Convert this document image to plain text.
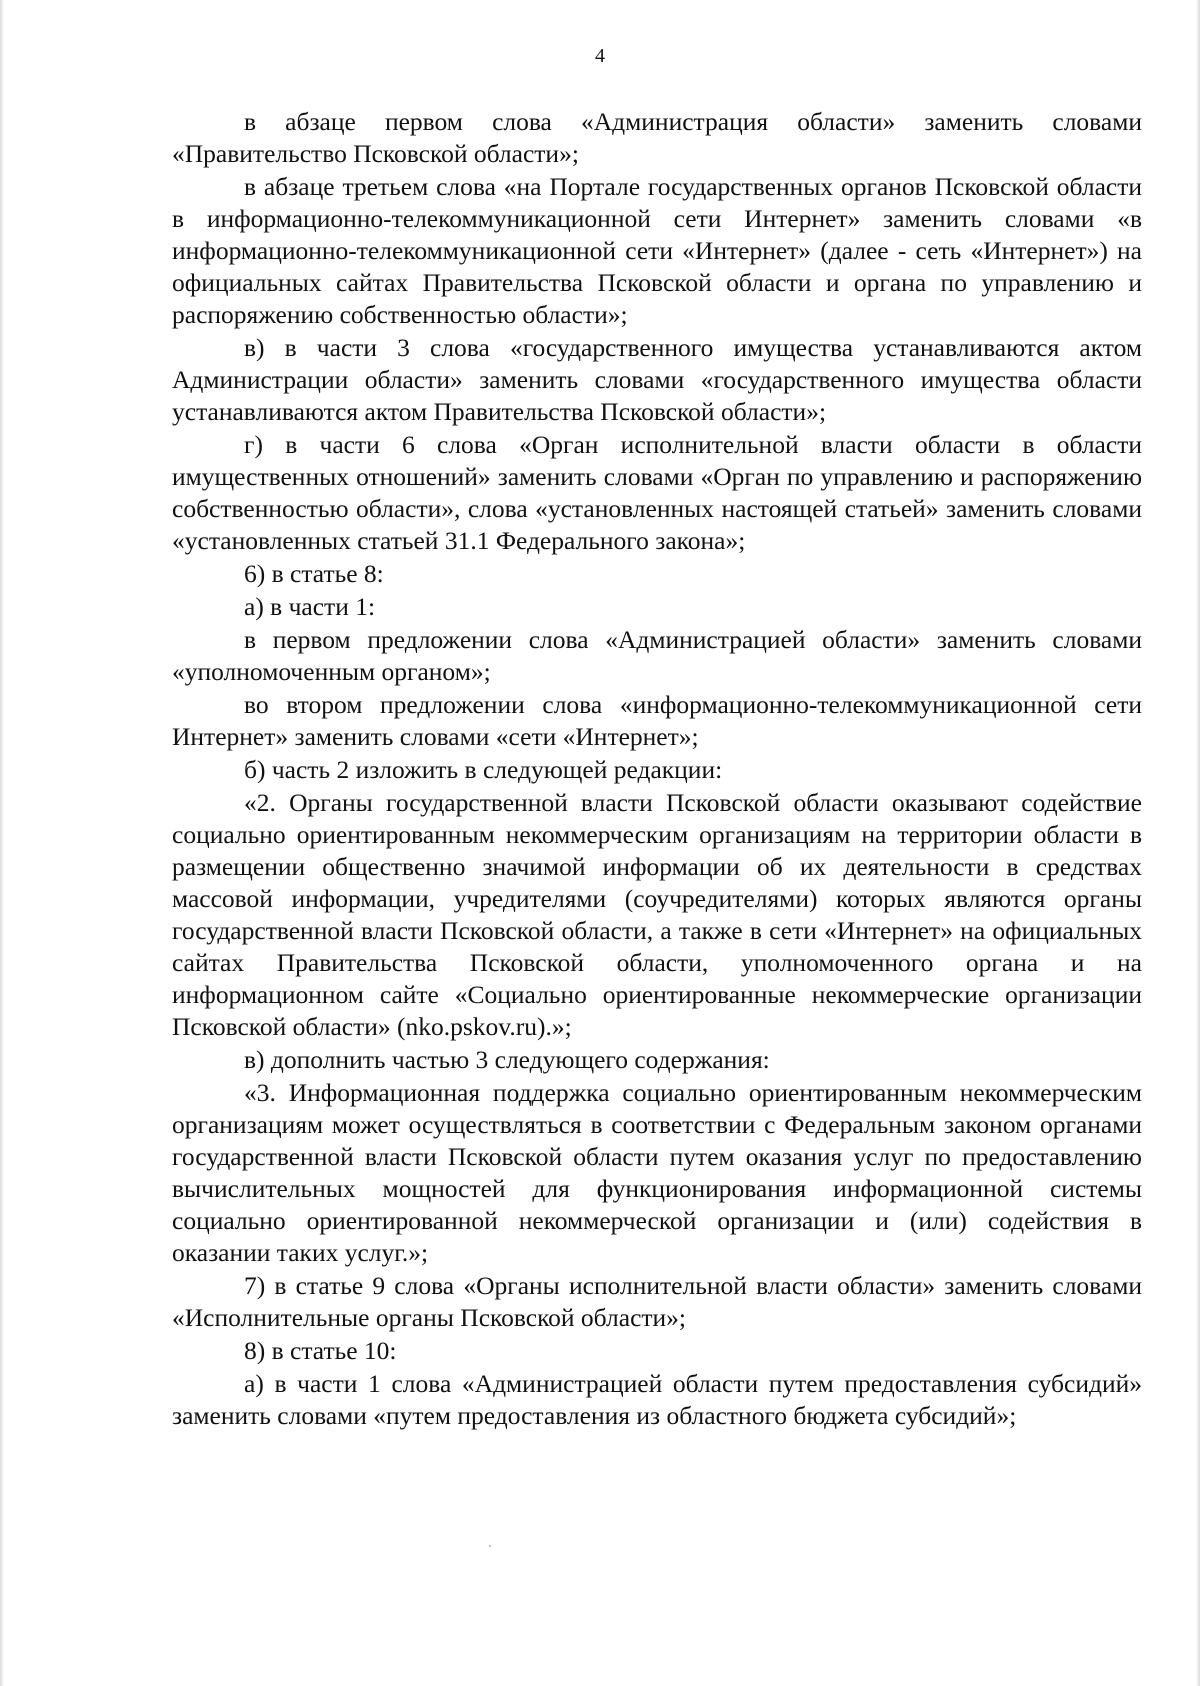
4

в абзаце первом слова «Администрация области» заменить словами «Правительство Псковской области»;

в абзаце третьем слова «на Портале государственных органов Псковской области в информационно-телекоммуникационной сети Интернет» заменить словами «в информационно-телекоммуникационной сети «Интернет» (далее - сеть «Интернет») на официальных сайтах Правительства Псковской области и органа по управлению и распоряжению собственностью области»;

в) в части 3 слова «государственного имущества устанавливаются актом Администрации области» заменить словами «государственного имущества области устанавливаются актом Правительства Псковской области»;

г) в части 6 слова «Орган исполнительной власти области в области имущественных отношений» заменить словами «Орган по управлению и распоряжению собственностью области», слова «установленных настоящей статьей» заменить словами «установленных статьей 31.1 Федерального закона»;

6) в статье 8:

а) в части 1:

в первом предложении слова «Администрацией области» заменить словами «уполномоченным органом»;

во втором предложении слова «информационно-телекоммуникационной сети Интернет» заменить словами «сети «Интернет»;

б) часть 2 изложить в следующей редакции:

«2. Органы государственной власти Псковской области оказывают содействие социально ориентированным некоммерческим организациям на территории области в размещении общественно значимой информации об их деятельности в средствах массовой информации, учредителями (соучредителями) которых являются органы государственной власти Псковской области, а также в сети «Интернет» на официальных сайтах Правительства Псковской области, уполномоченного органа и на информационном сайте «Социально ориентированные некоммерческие организации Псковской области» (nko.pskov.ru).»;

в) дополнить частью 3 следующего содержания:

«3. Информационная поддержка социально ориентированным некоммерческим организациям может осуществляться в соответствии с Федеральным законом органами государственной власти Псковской области путем оказания услуг по предоставлению вычислительных мощностей для функционирования информационной системы социально ориентированной некоммерческой организации и (или) содействия в оказании таких услуг.»;

7) в статье 9 слова «Органы исполнительной власти области» заменить словами «Исполнительные органы Псковской области»;

8) в статье 10:

а) в части 1 слова «Администрацией области путем предоставления субсидий» заменить словами «путем предоставления из областного бюджета субсидий»;
